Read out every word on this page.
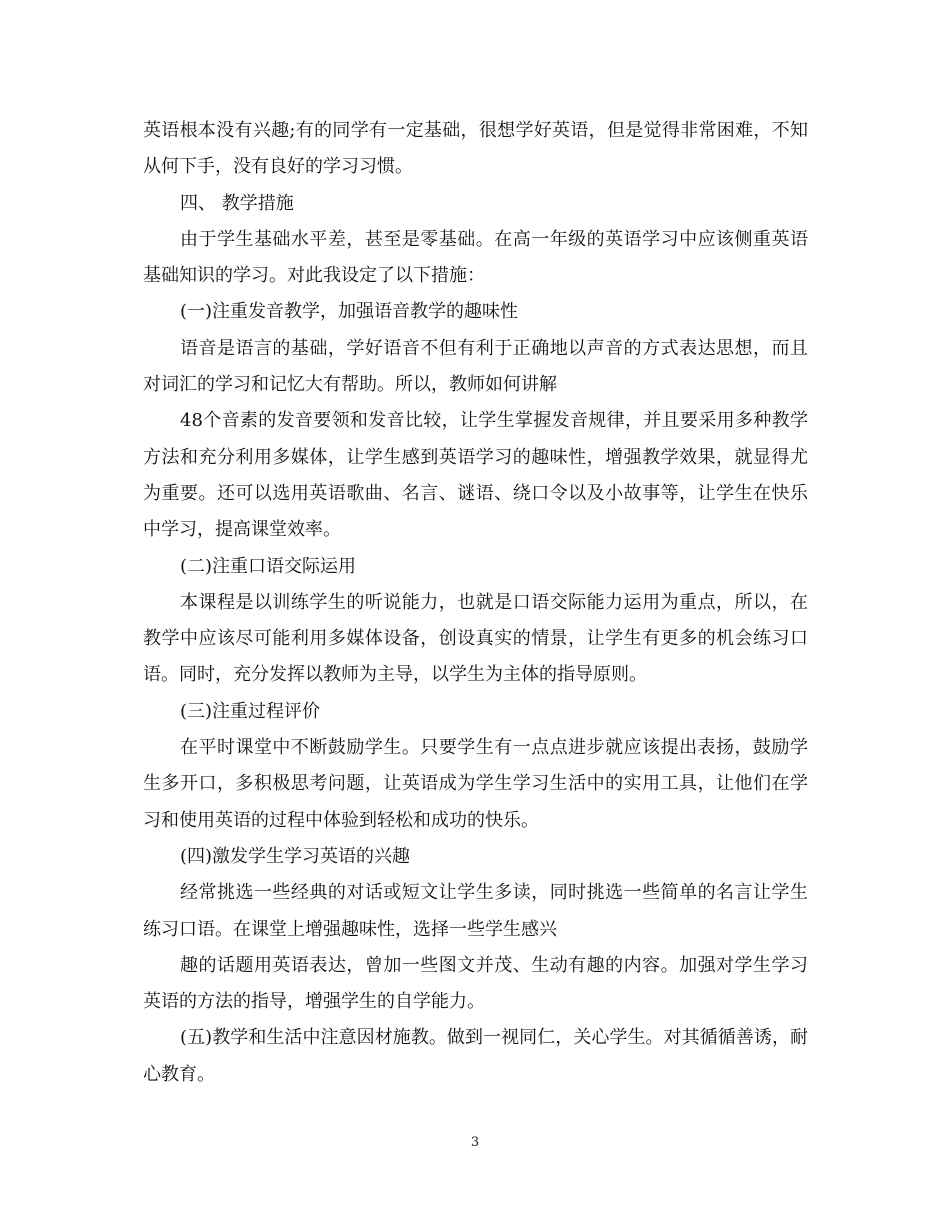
英语根本没有兴趣;有的同学有一定基础，很想学好英语，但是觉得非常困难，不知从何下手，没有良好的学习习惯。

四、 教学措施

由于学生基础水平差，甚至是零基础。在高一年级的英语学习中应该侧重英语基础知识的学习。对此我设定了以下措施：

(一)注重发音教学，加强语音教学的趣味性

语音是语言的基础，学好语音不但有利于正确地以声音的方式表达思想，而且对词汇的学习和记忆大有帮助。所以，教师如何讲解

48个音素的发音要领和发音比较，让学生掌握发音规律，并且要采用多种教学方法和充分利用多媒体，让学生感到英语学习的趣味性，增强教学效果，就显得尤为重要。还可以选用英语歌曲、名言、谜语、绕口令以及小故事等，让学生在快乐中学习，提高课堂效率。

(二)注重口语交际运用

本课程是以训练学生的听说能力，也就是口语交际能力运用为重点，所以，在教学中应该尽可能利用多媒体设备，创设真实的情景，让学生有更多的机会练习口语。同时，充分发挥以教师为主导，以学生为主体的指导原则。

(三)注重过程评价

在平时课堂中不断鼓励学生。只要学生有一点点进步就应该提出表扬，鼓励学生多开口，多积极思考问题，让英语成为学生学习生活中的实用工具，让他们在学习和使用英语的过程中体验到轻松和成功的快乐。

(四)激发学生学习英语的兴趣

经常挑选一些经典的对话或短文让学生多读，同时挑选一些简单的名言让学生练习口语。在课堂上增强趣味性，选择一些学生感兴

趣的话题用英语表达，曾加一些图文并茂、生动有趣的内容。加强对学生学习英语的方法的指导，增强学生的自学能力。

(五)教学和生活中注意因材施教。做到一视同仁，关心学生。对其循循善诱，耐心教育。

3
